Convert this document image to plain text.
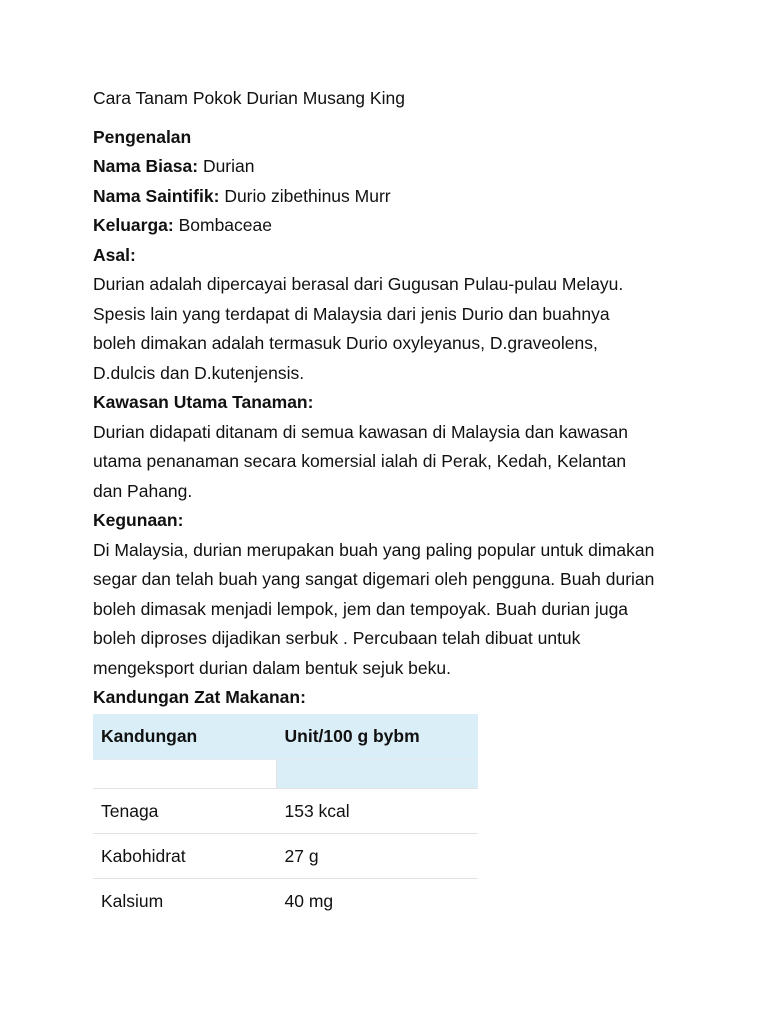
Cara Tanam Pokok Durian Musang King
Pengenalan
Nama Biasa: Durian
Nama Saintifik: Durio zibethinus Murr
Keluarga: Bombaceae
Asal:
Durian adalah dipercayai berasal dari Gugusan Pulau-pulau Melayu.
Spesis lain yang terdapat di Malaysia dari jenis Durio dan buahnya
boleh dimakan adalah termasuk Durio oxyleyanus, D.graveolens,
D.dulcis dan D.kutenjensis.
Kawasan Utama Tanaman:
Durian didapati ditanam di semua kawasan di Malaysia dan kawasan
utama penanaman secara komersial ialah di Perak, Kedah, Kelantan
dan Pahang.
Kegunaan:
Di Malaysia, durian merupakan buah yang paling popular untuk dimakan
segar dan telah buah yang sangat digemari oleh pengguna. Buah durian
boleh dimasak menjadi lempok, jem dan tempoyak. Buah durian juga
boleh diproses dijadikan serbuk . Percubaan telah dibuat untuk
mengeksport durian dalam bentuk sejuk beku.
Kandungan Zat Makanan:
Kandungan	Unit/100 g bybm

Tenaga	153 kcal
Kabohidrat	27 g
Kalsium	40 mg
